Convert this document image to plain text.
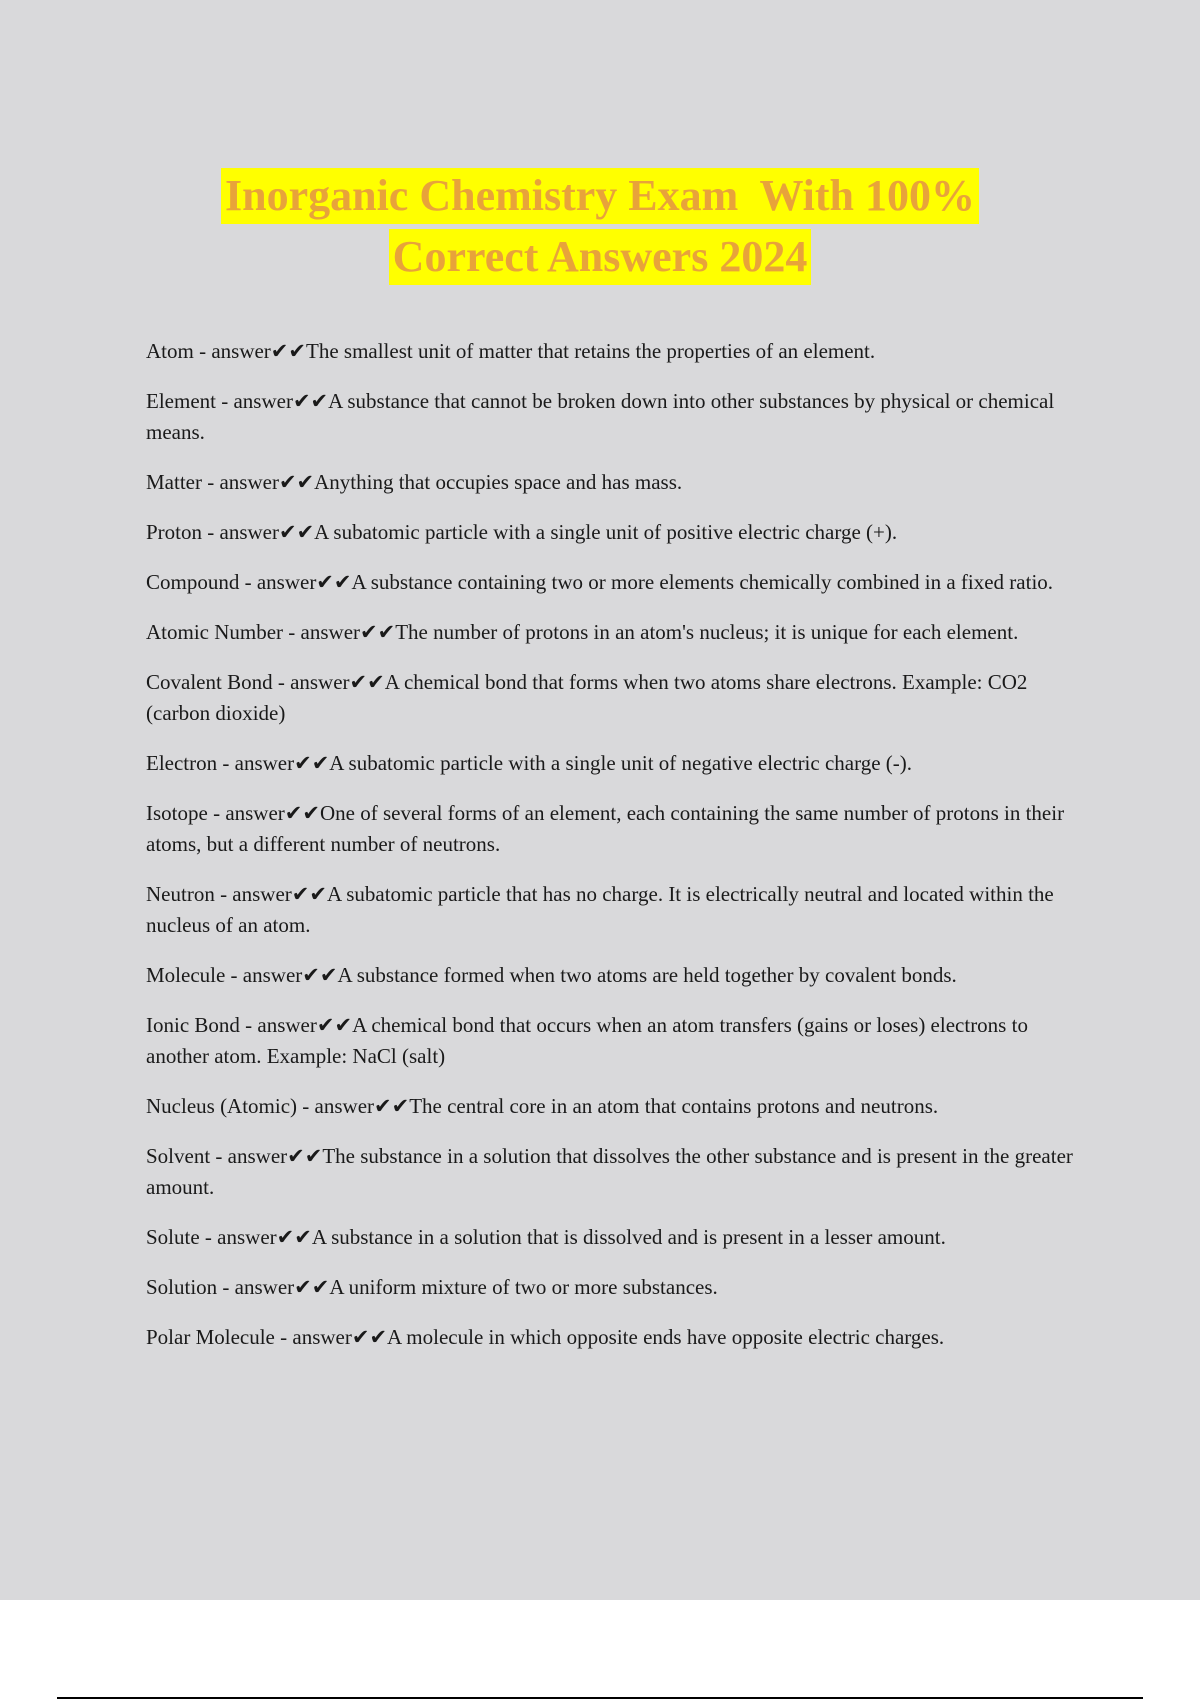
Inorganic Chemistry Exam  With 100%
Correct Answers 2024
Atom - answer✔✔The smallest unit of matter that retains the properties of an element.
Element - answer✔✔A substance that cannot be broken down into other substances by physical or chemical means.
Matter - answer✔✔Anything that occupies space and has mass.
Proton - answer✔✔A subatomic particle with a single unit of positive electric charge (+).
Compound - answer✔✔A substance containing two or more elements chemically combined in a fixed ratio.
Atomic Number - answer✔✔The number of protons in an atom's nucleus; it is unique for each element.
Covalent Bond - answer✔✔A chemical bond that forms when two atoms share electrons. Example: CO2 (carbon dioxide)
Electron - answer✔✔A subatomic particle with a single unit of negative electric charge (-).
Isotope - answer✔✔One of several forms of an element, each containing the same number of protons in their atoms, but a different number of neutrons.
Neutron - answer✔✔A subatomic particle that has no charge. It is electrically neutral and located within the nucleus of an atom.
Molecule - answer✔✔A substance formed when two atoms are held together by covalent bonds.
Ionic Bond - answer✔✔A chemical bond that occurs when an atom transfers (gains or loses) electrons to another atom. Example: NaCl (salt)
Nucleus (Atomic) - answer✔✔The central core in an atom that contains protons and neutrons.
Solvent - answer✔✔The substance in a solution that dissolves the other substance and is present in the greater amount.
Solute - answer✔✔A substance in a solution that is dissolved and is present in a lesser amount.
Solution - answer✔✔A uniform mixture of two or more substances.
Polar Molecule - answer✔✔A molecule in which opposite ends have opposite electric charges.
